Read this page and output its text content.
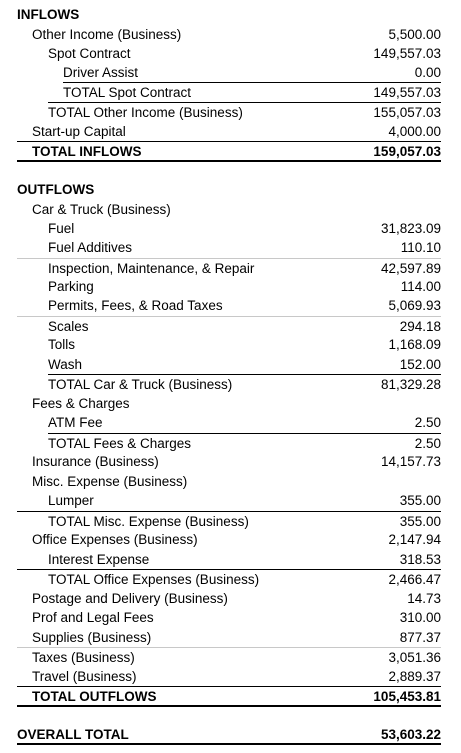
INFLOWS
Other Income (Business)	5,500.00
Spot Contract	149,557.03
Driver Assist	0.00
TOTAL Spot Contract	149,557.03
TOTAL Other Income (Business)	155,057.03
Start-up Capital	4,000.00
TOTAL INFLOWS	159,057.03
OUTFLOWS
Car & Truck (Business)
Fuel	31,823.09
Fuel Additives	110.10
Inspection, Maintenance, & Repair	42,597.89
Parking	114.00
Permits, Fees, & Road Taxes	5,069.93
Scales	294.18
Tolls	1,168.09
Wash	152.00
TOTAL Car & Truck (Business)	81,329.28
Fees & Charges
ATM Fee	2.50
TOTAL Fees & Charges	2.50
Insurance (Business)	14,157.73
Misc. Expense (Business)
Lumper	355.00
TOTAL Misc. Expense (Business)	355.00
Office Expenses (Business)	2,147.94
Interest Expense	318.53
TOTAL Office Expenses (Business)	2,466.47
Postage and Delivery (Business)	14.73
Prof and Legal Fees	310.00
Supplies (Business)	877.37
Taxes (Business)	3,051.36
Travel (Business)	2,889.37
TOTAL OUTFLOWS	105,453.81
OVERALL TOTAL	53,603.22
